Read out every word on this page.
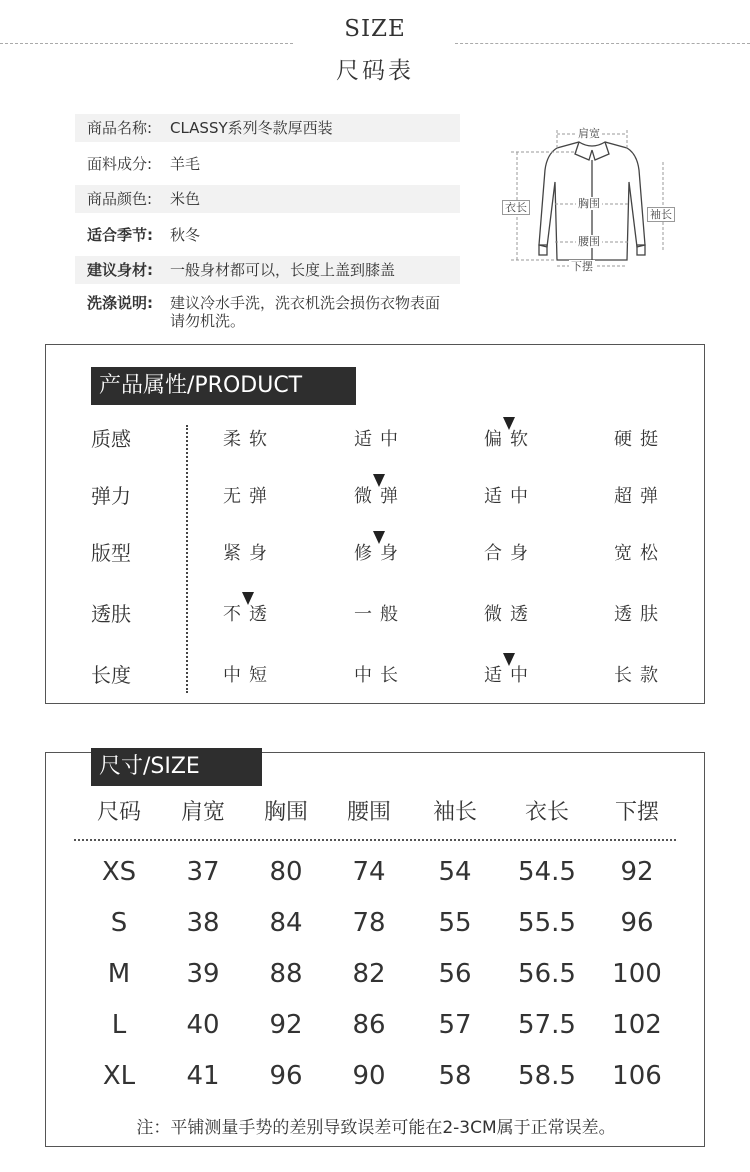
SIZE
尺码表
商品名称: CLASSY系列冬款厚西装
面料成分: 羊毛
商品颜色: 米色
适合季节: 秋冬
建议身材: 一般身材都可以，长度上盖到膝盖
洗涤说明: 建议冷水手洗，洗衣机洗会损伤衣物表面
请勿机洗。
肩宽
衣长	胸围
袖长
腰围
下摆
产品属性/PRODUCT
质感	柔软	适中	偏软	硬挺
弹力	无弹	微弹	适中	超弹
版型	紧身	修身	合身	宽松
透肤	不透	一般	微透	透肤
长度	中短	中长	适中	长款
尺寸/SIZE
注：平铺测量手势的差别导致误差可能在2-3CM属于正常误差。
尺码	肩宽	胸围	腰围	袖长	衣长	下摆
XS	37	80	74	54	54.5	92
S	38	84	78	55	55.5	96
M	39	88	82	56	56.5	100
L	40	92	86	57	57.5	102
XL	41	96	90	58	58.5	106
